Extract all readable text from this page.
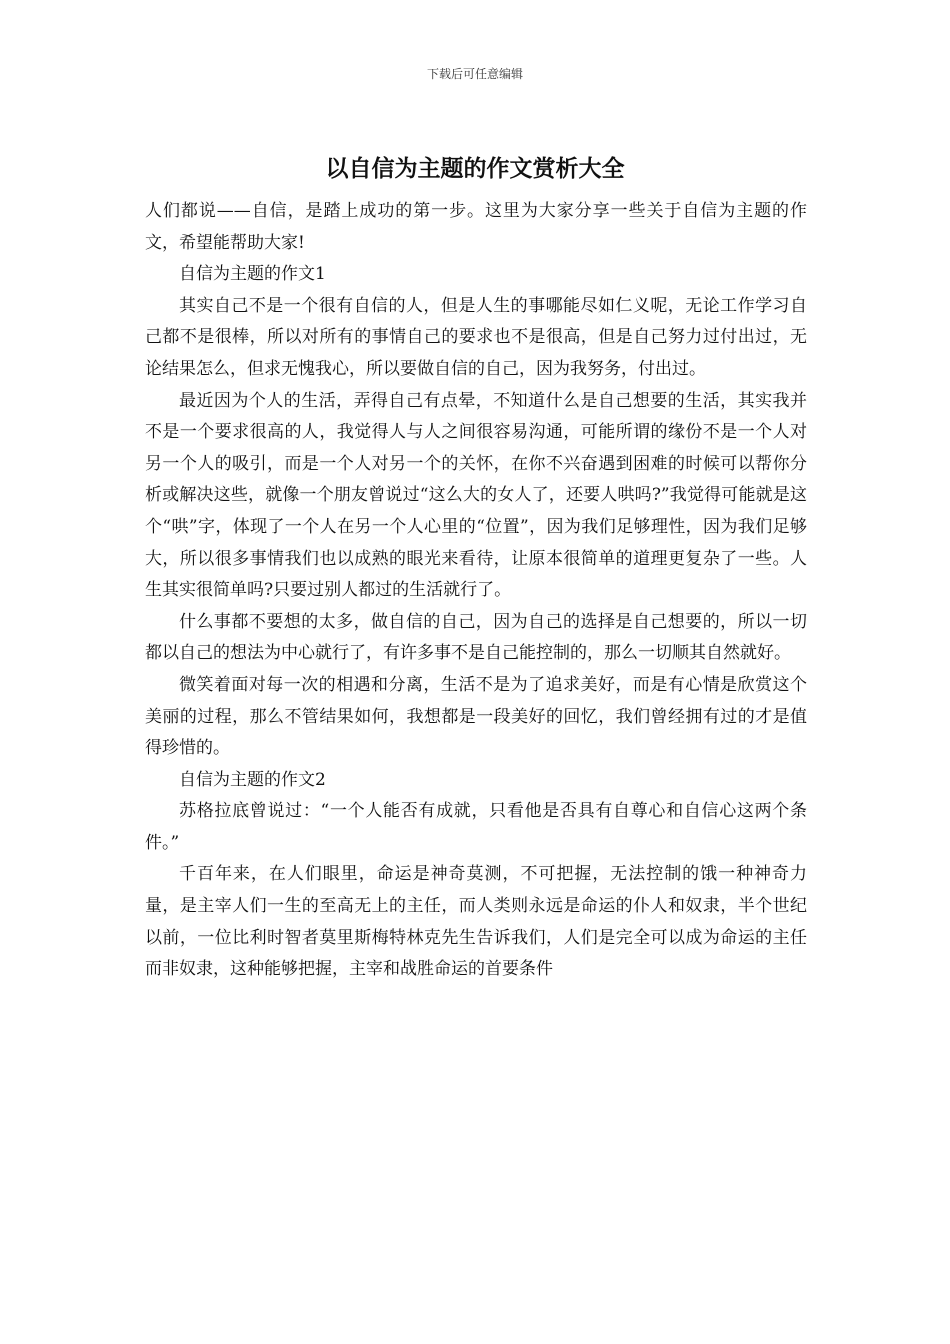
下载后可任意编辑
以自信为主题的作文赏析大全

人们都说——自信，是踏上成功的第一步。这里为大家分享一些关于自信为主题的作文，希望能帮助大家!

自信为主题的作文1

其实自己不是一个很有自信的人，但是人生的事哪能尽如仁义呢，无论工作学习自己都不是很棒，所以对所有的事情自己的要求也不是很高，但是自己努力过付出过，无论结果怎么，但求无愧我心，所以要做自信的自己，因为我努务，付出过。

最近因为个人的生活，弄得自己有点晕，不知道什么是自己想要的生活，其实我并不是一个要求很高的人，我觉得人与人之间很容易沟通，可能所谓的缘份不是一个人对另一个人的吸引，而是一个人对另一个的关怀，在你不兴奋遇到困难的时候可以帮你分析或解决这些，就像一个朋友曾说过“这么大的女人了，还要人哄吗?”我觉得可能就是这个“哄”字，体现了一个人在另一个人心里的“位置”，因为我们足够理性，因为我们足够大，所以很多事情我们也以成熟的眼光来看待，让原本很简单的道理更复杂了一些。人生其实很简单吗?只要过别人都过的生活就行了。

什么事都不要想的太多，做自信的自己，因为自己的选择是自己想要的，所以一切都以自己的想法为中心就行了，有许多事不是自己能控制的，那么一切顺其自然就好。

微笑着面对每一次的相遇和分离，生活不是为了追求美好，而是有心情是欣赏这个美丽的过程，那么不管结果如何，我想都是一段美好的回忆，我们曾经拥有过的才是值得珍惜的。

自信为主题的作文2

苏格拉底曾说过：“一个人能否有成就，只看他是否具有自尊心和自信心这两个条件。”

千百年来，在人们眼里，命运是神奇莫测，不可把握，无法控制的饿一种神奇力量，是主宰人们一生的至高无上的主任，而人类则永远是命运的仆人和奴隶，半个世纪以前，一位比利时智者莫里斯梅特林克先生告诉我们，人们是完全可以成为命运的主任而非奴隶，这种能够把握，主宰和战胜命运的首要条件
